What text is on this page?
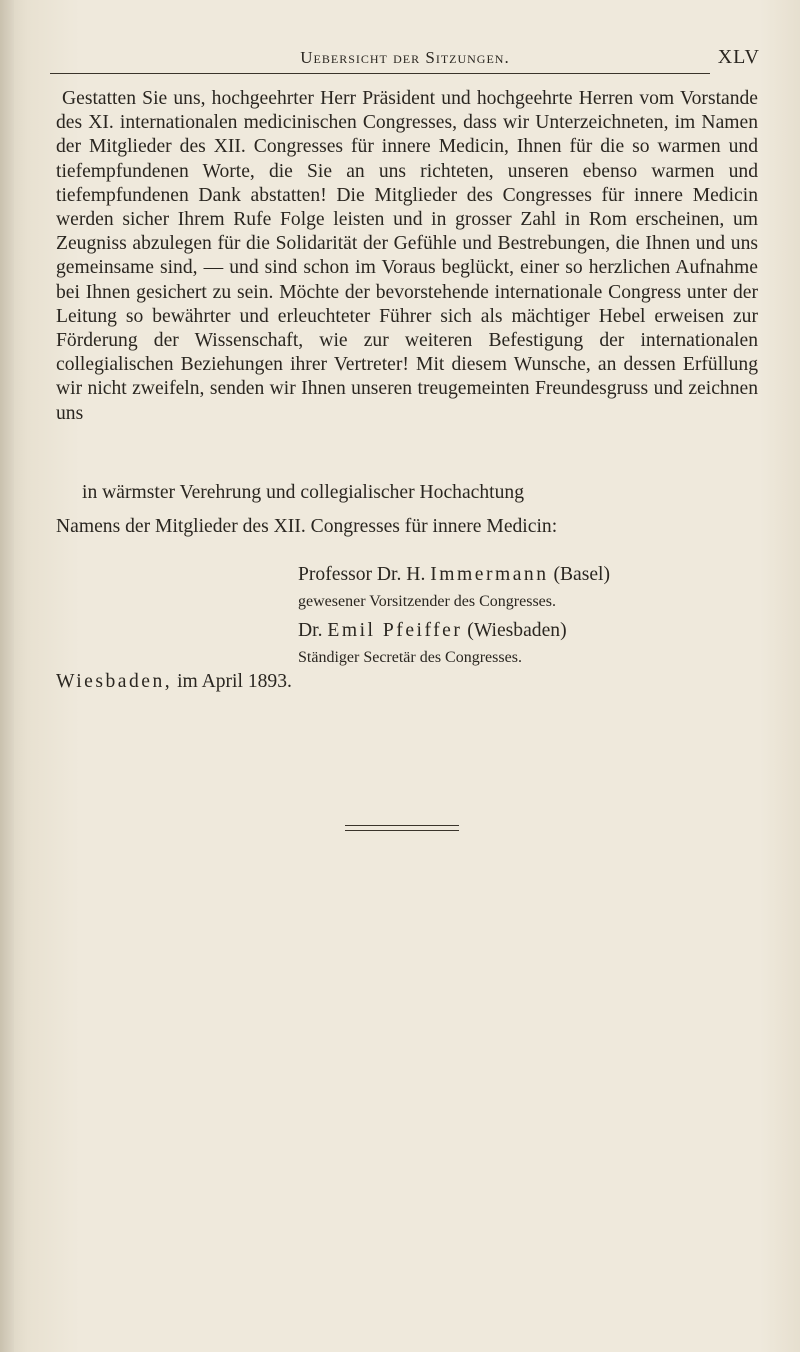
Uebersicht der Sitzungen.	XLV
Gestatten Sie uns, hochgeehrter Herr Präsident und hochgeehrte Herren vom Vorstande des XI. internationalen medicinischen Congresses, dass wir Unterzeichneten, im Namen der Mitglieder des XII. Congresses für innere Medicin, Ihnen für die so warmen und tiefempfundenen Worte, die Sie an uns richteten, unseren ebenso warmen und tiefempfundenen Dank abstatten! Die Mitglieder des Congresses für innere Medicin werden sicher Ihrem Rufe Folge leisten und in grosser Zahl in Rom erscheinen, um Zeugniss abzulegen für die Solidarität der Gefühle und Bestrebungen, die Ihnen und uns gemeinsame sind, — und sind schon im Voraus beglückt, einer so herzlichen Aufnahme bei Ihnen gesichert zu sein. Möchte der bevorstehende internationale Congress unter der Leitung so bewährter und erleuchteter Führer sich als mächtiger Hebel erweisen zur Förderung der Wissenschaft, wie zur weiteren Befestigung der internationalen collegialischen Beziehungen ihrer Vertreter! Mit diesem Wunsche, an dessen Erfüllung wir nicht zweifeln, senden wir Ihnen unseren treugemeinten Freundesgruss und zeichnen uns
in wärmster Verehrung und collegialischer Hochachtung
Namens der Mitglieder des XII. Congresses für innere Medicin:
Professor Dr. H. Immermann (Basel)
gewesener Vorsitzender des Congresses.
Dr. Emil Pfeiffer (Wiesbaden)
Ständiger Secretär des Congresses.
Wiesbaden, im April 1893.
